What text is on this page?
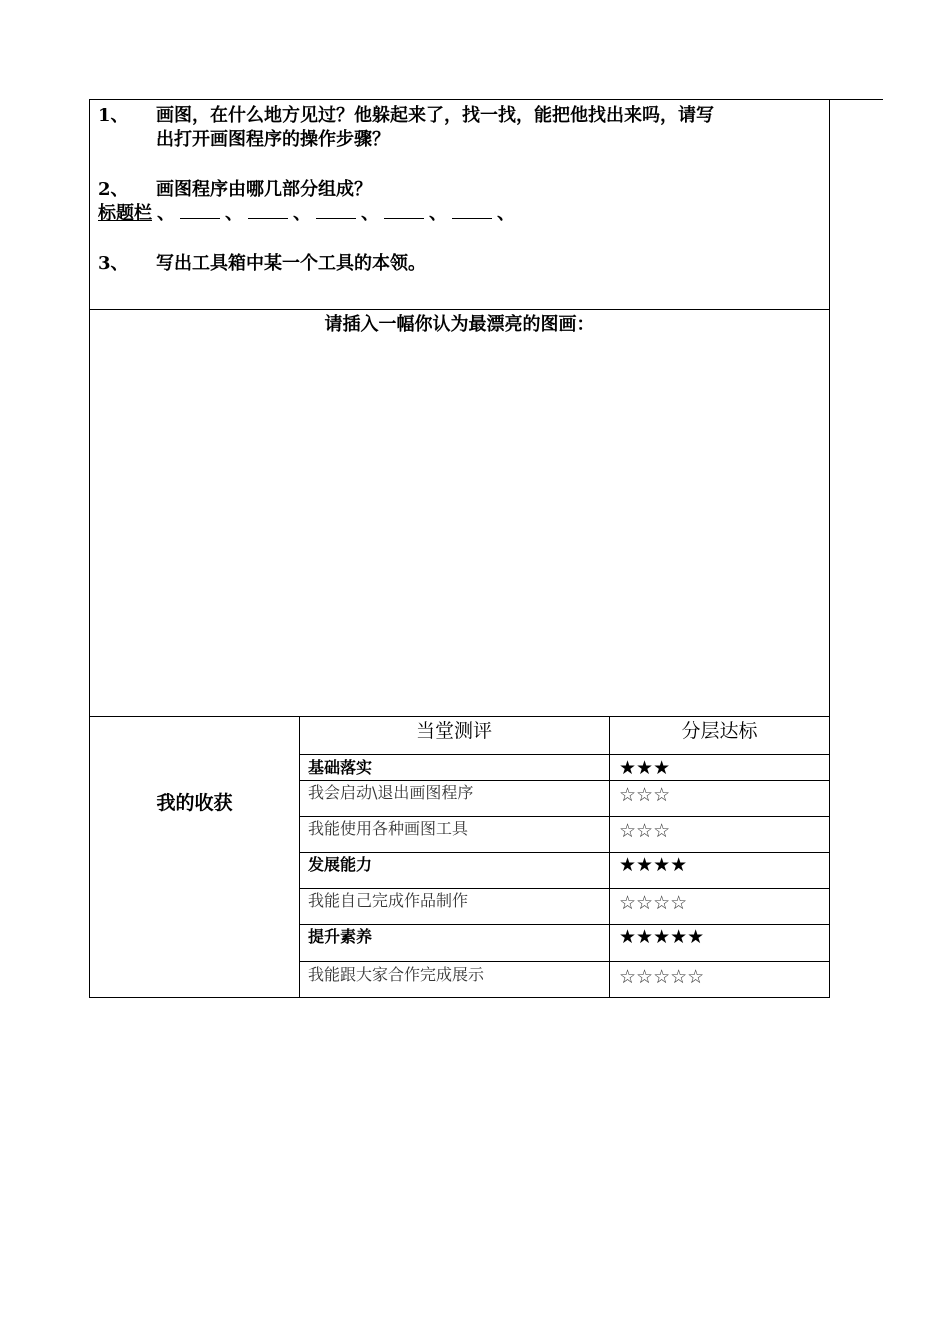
1、 画图，在什么地方见过？他躲起来了，找一找，能把他找出来吗，请写
出打开画图程序的操作步骤？
2、 画图程序由哪几部分组成？
标题栏 、	、	、	、	、	、
3、 写出工具箱中某一个工具的本领。
请插入一幅你认为最漂亮的图画：
我的收获
当堂测评	分层达标
基础落实	★★★
我会启动\退出画图程序	☆☆☆
我能使用各种画图工具	☆☆☆
发展能力	★★★★
我能自己完成作品制作	☆☆☆☆
提升素养	★★★★★
我能跟大家合作完成展示	☆☆☆☆☆
